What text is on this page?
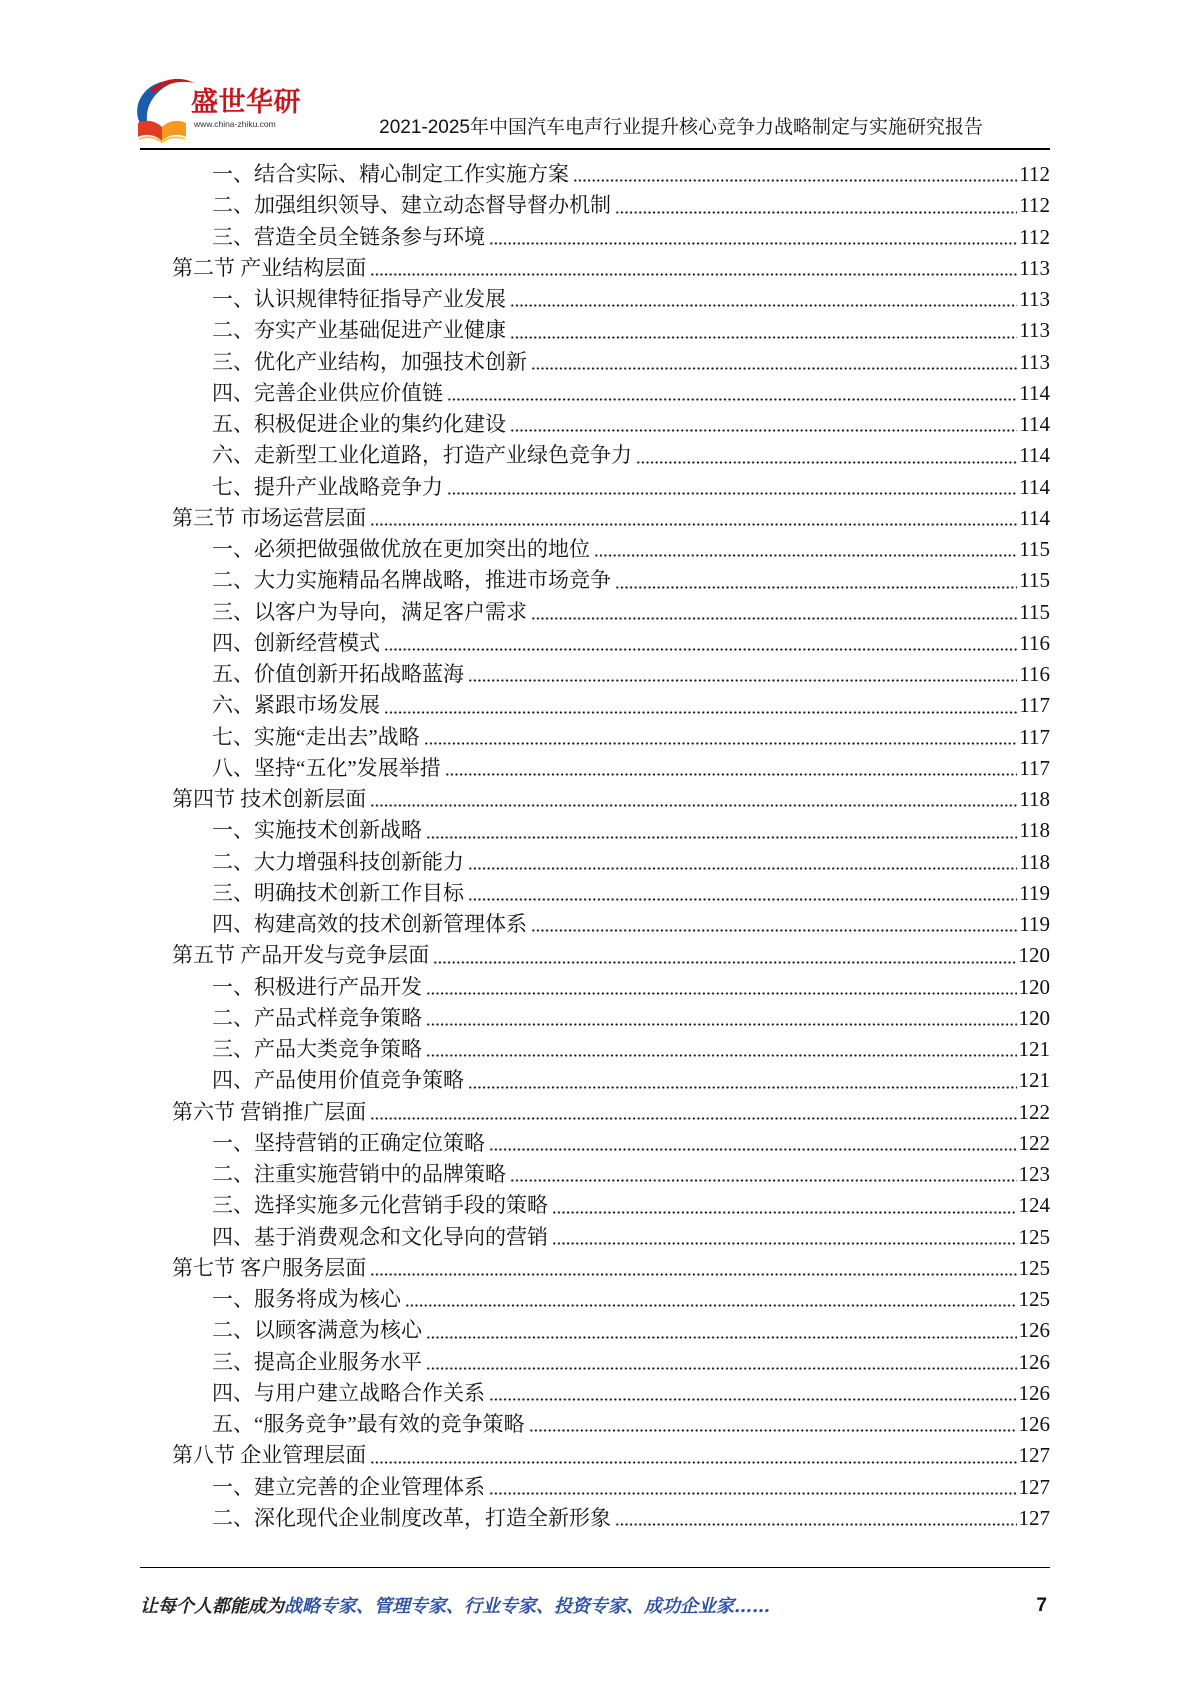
盛世华研
www.china-zhiku.com	2021-2025年中国汽车电声行业提升核心竞争力战略制定与实施研究报告
一、结合实际、精心制定工作实施方案	112
二、加强组织领导、建立动态督导督办机制	112
三、营造全员全链条参与环境	112
第二节 产业结构层面	113
一、认识规律特征指导产业发展	113
二、夯实产业基础促进产业健康	113
三、优化产业结构，加强技术创新	113
四、完善企业供应价值链	114
五、积极促进企业的集约化建设	114
六、走新型工业化道路，打造产业绿色竞争力	114
七、提升产业战略竞争力	114
第三节 市场运营层面	114
一、必须把做强做优放在更加突出的地位	115
二、大力实施精品名牌战略，推进市场竞争	115
三、以客户为导向，满足客户需求	115
四、创新经营模式	116
五、价值创新开拓战略蓝海	116
六、紧跟市场发展	117
七、实施“走出去”战略	117
八、坚持“五化”发展举措	117
第四节 技术创新层面	118
一、实施技术创新战略	118
二、大力增强科技创新能力	118
三、明确技术创新工作目标	119
四、构建高效的技术创新管理体系	119
第五节 产品开发与竞争层面	120
一、积极进行产品开发	120
二、产品式样竞争策略	120
三、产品大类竞争策略	121
四、产品使用价值竞争策略	121
第六节 营销推广层面	122
一、坚持营销的正确定位策略	122
二、注重实施营销中的品牌策略	123
三、选择实施多元化营销手段的策略	124
四、基于消费观念和文化导向的营销	125
第七节 客户服务层面	125
一、服务将成为核心	125
二、以顾客满意为核心	126
三、提高企业服务水平	126
四、与用户建立战略合作关系	126
五、“服务竞争”最有效的竞争策略	126
第八节 企业管理层面	127
一、建立完善的企业管理体系	127
二、深化现代企业制度改革，打造全新形象	127
让每个人都能成为战略专家、管理专家、行业专家、投资专家、成功企业家……	7
